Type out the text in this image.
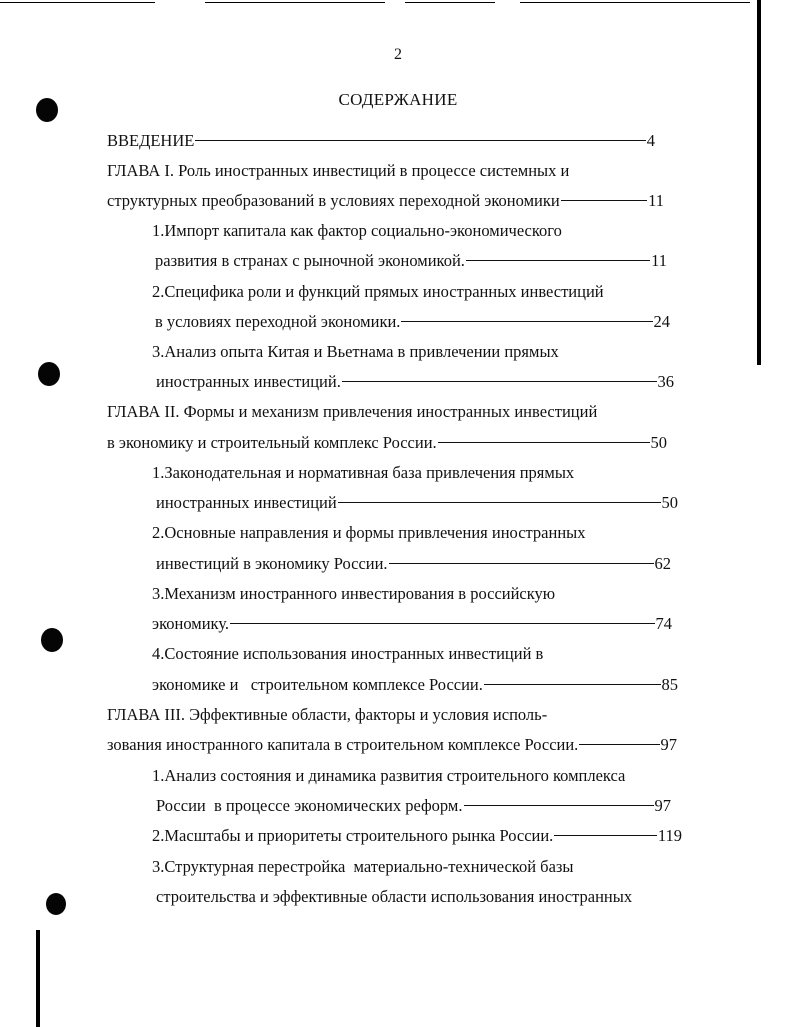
2
СОДЕРЖАНИЕ
ВВЕДЕНИЕ	4
ГЛАВА I. Роль иностранных инвестиций в процессе системных и
структурных преобразований в условиях переходной экономики	11
1.Импорт капитала как фактор социально-экономического
развития в странах с рыночной экономикой.	11
2.Специфика роли и функций прямых иностранных инвестиций
в условиях переходной экономики.	24
3.Анализ опыта Китая и Вьетнама в привлечении прямых
иностранных инвестиций.	36
ГЛАВА II. Формы и механизм привлечения иностранных инвестиций
в экономику и строительный комплекс России.	50
1.Законодательная и нормативная база привлечения прямых
иностранных инвестиций	50
2.Основные направления и формы привлечения иностранных
инвестиций в экономику России.	62
3.Механизм иностранного инвестирования в российскую
экономику.	74
4.Состояние использования иностранных инвестиций в
экономике и   строительном комплексе России.	85
ГЛАВА III. Эффективные области, факторы и условия исполь-
зования иностранного капитала в строительном комплексе России.	97
1.Анализ состояния и динамика развития строительного комплекса
России  в процессе экономических реформ.	97
2.Масштабы и приоритеты строительного рынка России.	119
3.Структурная перестройка  материально-технической базы
строительства и эффективные области использования иностранных
